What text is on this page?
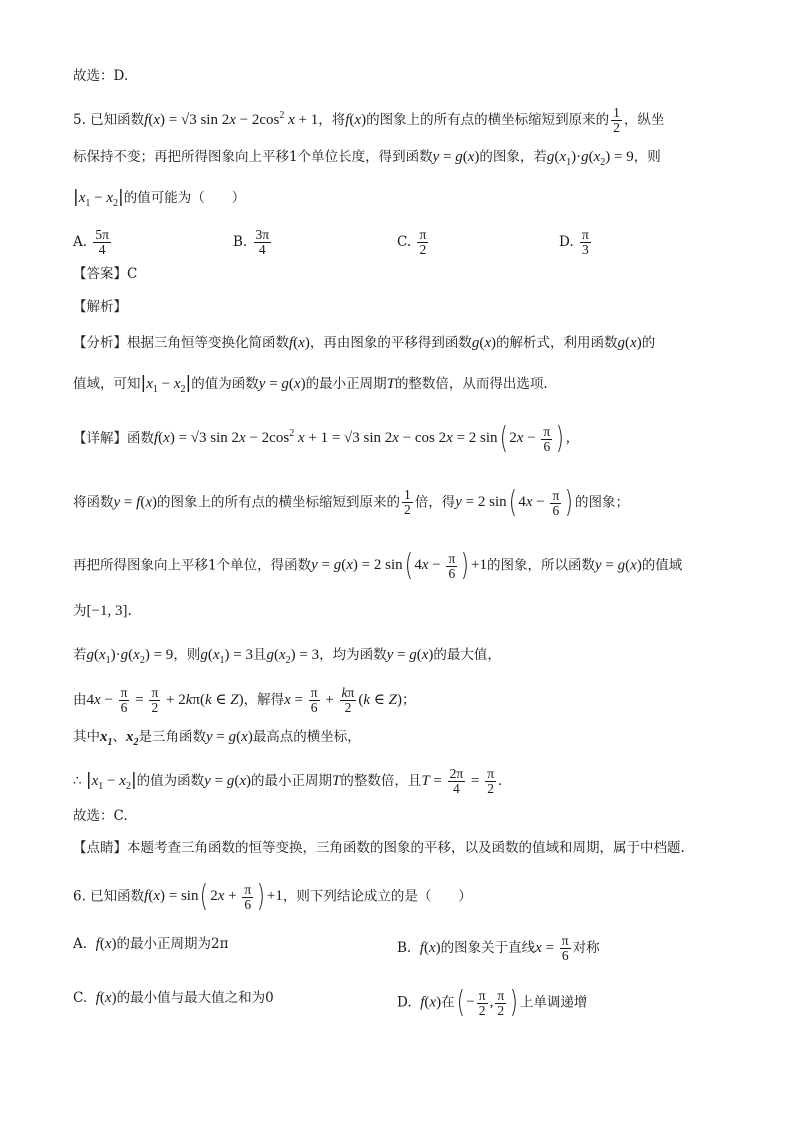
故选：D.
5. 已知函数f(x) = √3 $\sin 2x - 2\cos^2$ x + 1，将f(x)的图象上的所有点的横坐标缩短到原来的 $\frac{1}{2}$ ，纵坐
标保持不变；再把所得图象向上平移1个单位长度，得到函数y = g(x)的图象，若$g(x_1)\cdot g(x_2) = 9$，则
$|x_1 - x_2|$的值可能为（　　）
A. $\frac{5\pi}{4}$	B. $\frac{3\pi}{4}$	C. $\frac{\pi}{2}$	D. $\frac{\pi}{3}$
【答案】C
【解析】
【分析】根据三角恒等变换化简函数f(x)，再由图象的平移得到函数g(x)的解析式，利用函数g(x)的
值域，可知$|x_1 - x_2|$的值为函数y = g(x)的最小正周期T的整数倍，从而得出选项.
【详解】函数f(x) = √3 $\sin 2x - 2\cos^2$ x + 1 = √3 sin 2x − cos 2x = 2 sin( $2x - \frac{\pi}{6}$ ) ,
将函数y = f(x)的图象上的所有点的横坐标缩短到原来的 $\frac{1}{2}$ 倍，得y = 2 sin( $4x - \frac{\pi}{6}$ ) 的图象；
再把所得图象向上平移1个单位，得函数y = g(x) = 2 sin( $4x - \frac{\pi}{6}$ ) +1的图象，所以函数y = g(x)的值域
为[−1, 3].
若$g(x_1)\cdot g(x_2) = 9$，则$g(x_1) = 3$且$g(x_2) = 3$，均为函数y = g(x)的最大值，
由$4x - \frac{\pi}{6} = \frac{\pi}{2} + 2k\pi(k$ ∈ Z)，解得$x = \frac{\pi}{6} + \frac{k\pi}{2} (k$ ∈ Z)；
其中$x_1$、$x_2$是三角函数y = g(x)最高点的横坐标，
∴ $|x_1 - x_2|$的值为函数y = g(x)的最小正周期T的整数倍，且$T = \frac{2\pi}{4} = \frac{\pi}{2}$ .
故选：C.
【点睛】本题考查三角函数的恒等变换，三角函数的图象的平移，以及函数的值域和周期，属于中档题.
6. 已知函数f(x) = sin( $2x + \frac{\pi}{6}$ ) +1，则下列结论成立的是（　　）
A. f(x)的最小正周期为2π	B. f(x)的图象关于直线$x = \frac{\pi}{6}$ 对称
C. f(x)的最小值与最大值之和为0	D. f(x)在( − $\frac{\pi}{2}$ , $\frac{\pi}{2}$ ) 上单调递增
